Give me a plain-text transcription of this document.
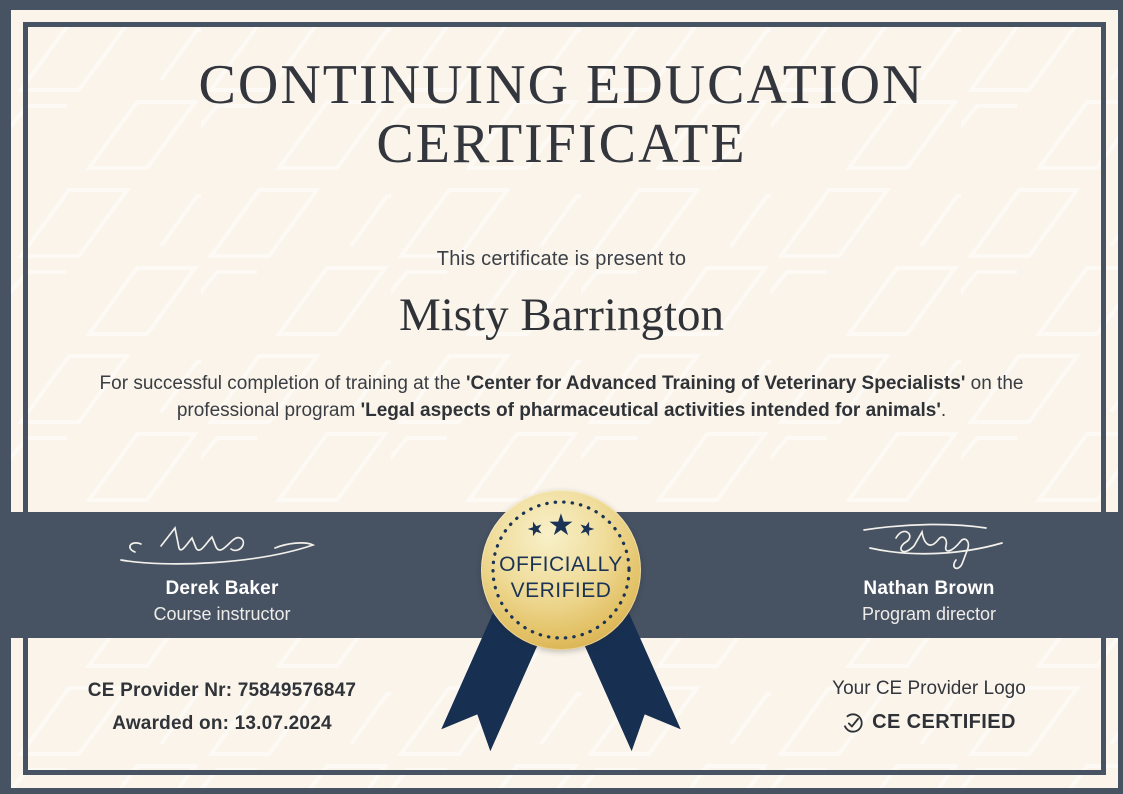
CONTINUING EDUCATION
CERTIFICATE
This certificate is present to
Misty Barrington
For successful completion of training at the 'Center for Advanced Training of Veterinary Specialists' on the professional program 'Legal aspects of pharmaceutical activities intended for animals'.
Derek Baker
Course instructor
Nathan Brown
Program director
★ ★ ★
OFFICIALLY
VERIFIED
CE Provider Nr: 75849576847
Awarded on: 13.07.2024
Your CE Provider Logo
CE CERTIFIED
